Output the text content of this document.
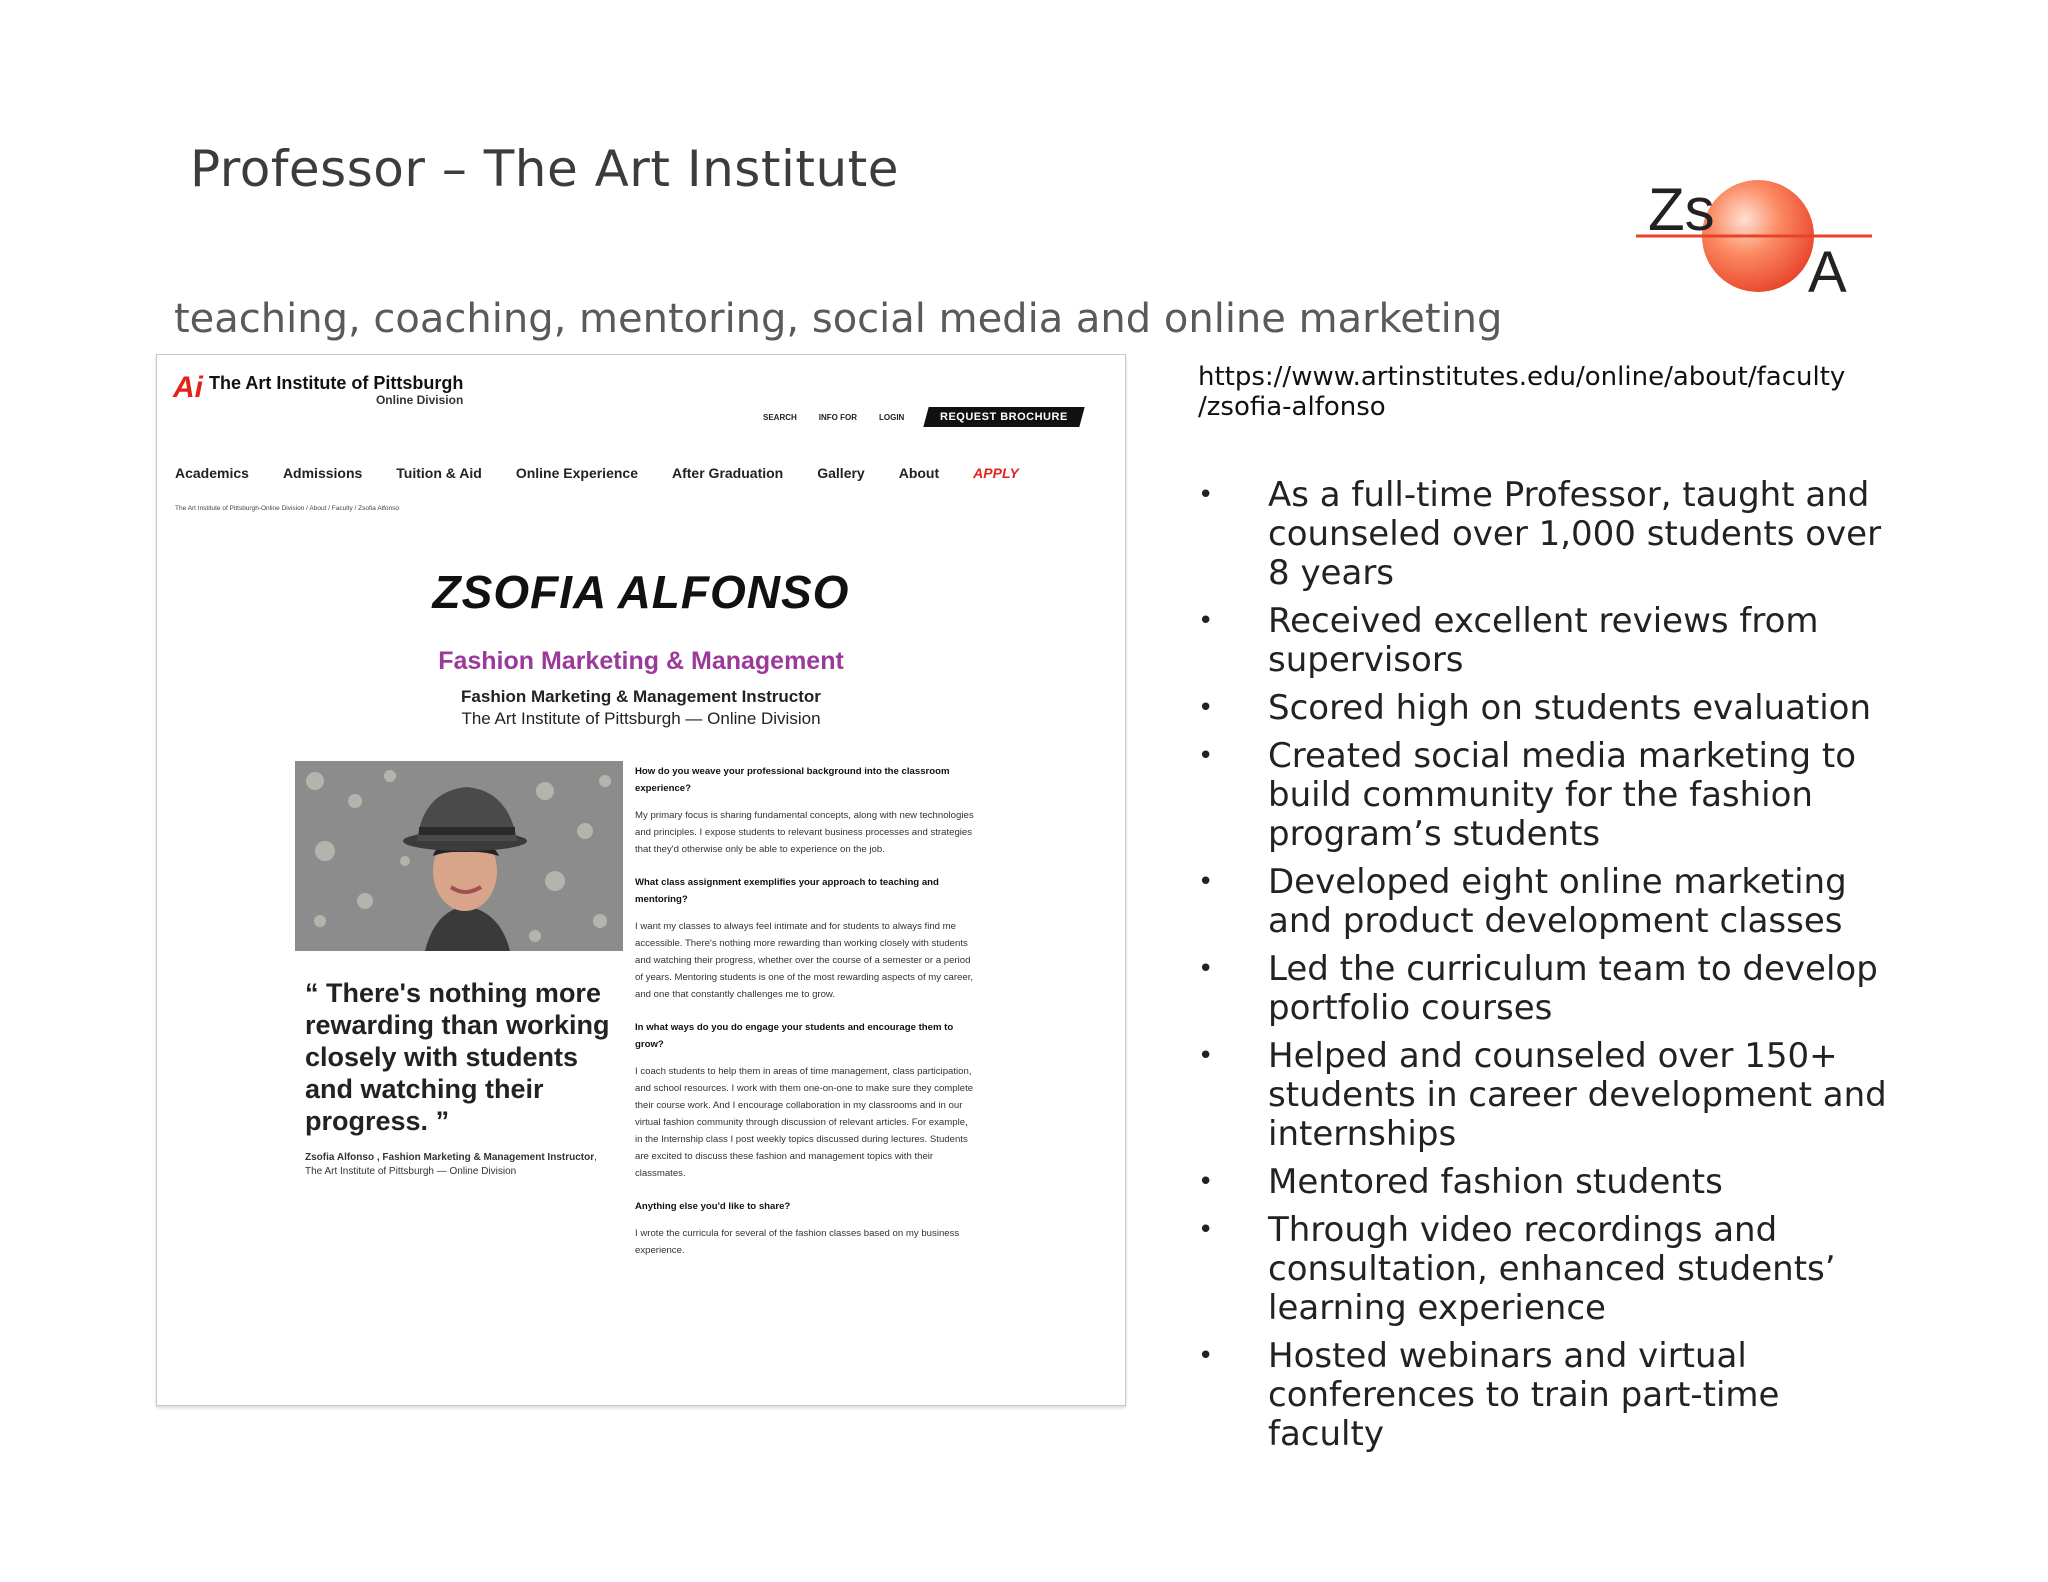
Professor – The Art Institute
Zs
A
teaching, coaching, mentoring, social media and online marketing
Ai The Art Institute of Pittsburgh
Online Division
SEARCH	INFO FOR	LOGIN	REQUEST BROCHURE
Academics Admissions Tuition & Aid Online Experience After Graduation Gallery About APPLY
The Art Institute of Pittsburgh-Online Division / About / Faculty / Zsofia Alfonso
ZSOFIA ALFONSO
Fashion Marketing & Management
Fashion Marketing & Management Instructor
The Art Institute of Pittsburgh — Online Division
“ There's nothing more rewarding than working closely with students and watching their progress. ”
Zsofia Alfonso , Fashion Marketing & Management Instructor, The Art Institute of Pittsburgh — Online Division

How do you weave your professional background into the classroom experience?

My primary focus is sharing fundamental concepts, along with new technologies and principles. I expose students to relevant business processes and strategies that they'd otherwise only be able to experience on the job.

What class assignment exemplifies your approach to teaching and mentoring?

I want my classes to always feel intimate and for students to always find me accessible. There's nothing more rewarding than working closely with students and watching their progress, whether over the course of a semester or a period of years. Mentoring students is one of the most rewarding aspects of my career, and one that constantly challenges me to grow.

In what ways do you do engage your students and encourage them to grow?

I coach students to help them in areas of time management, class participation, and school resources. I work with them one-on-one to make sure they complete their course work. And I encourage collaboration in my classrooms and in our virtual fashion community through discussion of relevant articles. For example, in the Internship class I post weekly topics discussed during lectures. Students are excited to discuss these fashion and management topics with their classmates.

Anything else you'd like to share?

I wrote the curricula for several of the fashion classes based on my business experience.

https://www.artinstitutes.edu/online/about/faculty
/zsofia-alfonso
• As a full-time Professor, taught and counseled over 1,000 students over 8 years
• Received excellent reviews from supervisors
• Scored high on students evaluation
• Created social media marketing to build community for the fashion program’s students
• Developed eight online marketing and product development classes
• Led the curriculum team to develop portfolio courses
• Helped and counseled over 150+ students in career development and internships
• Mentored fashion students
• Through video recordings and consultation, enhanced students’ learning experience
• Hosted webinars and virtual conferences to train part-time faculty
